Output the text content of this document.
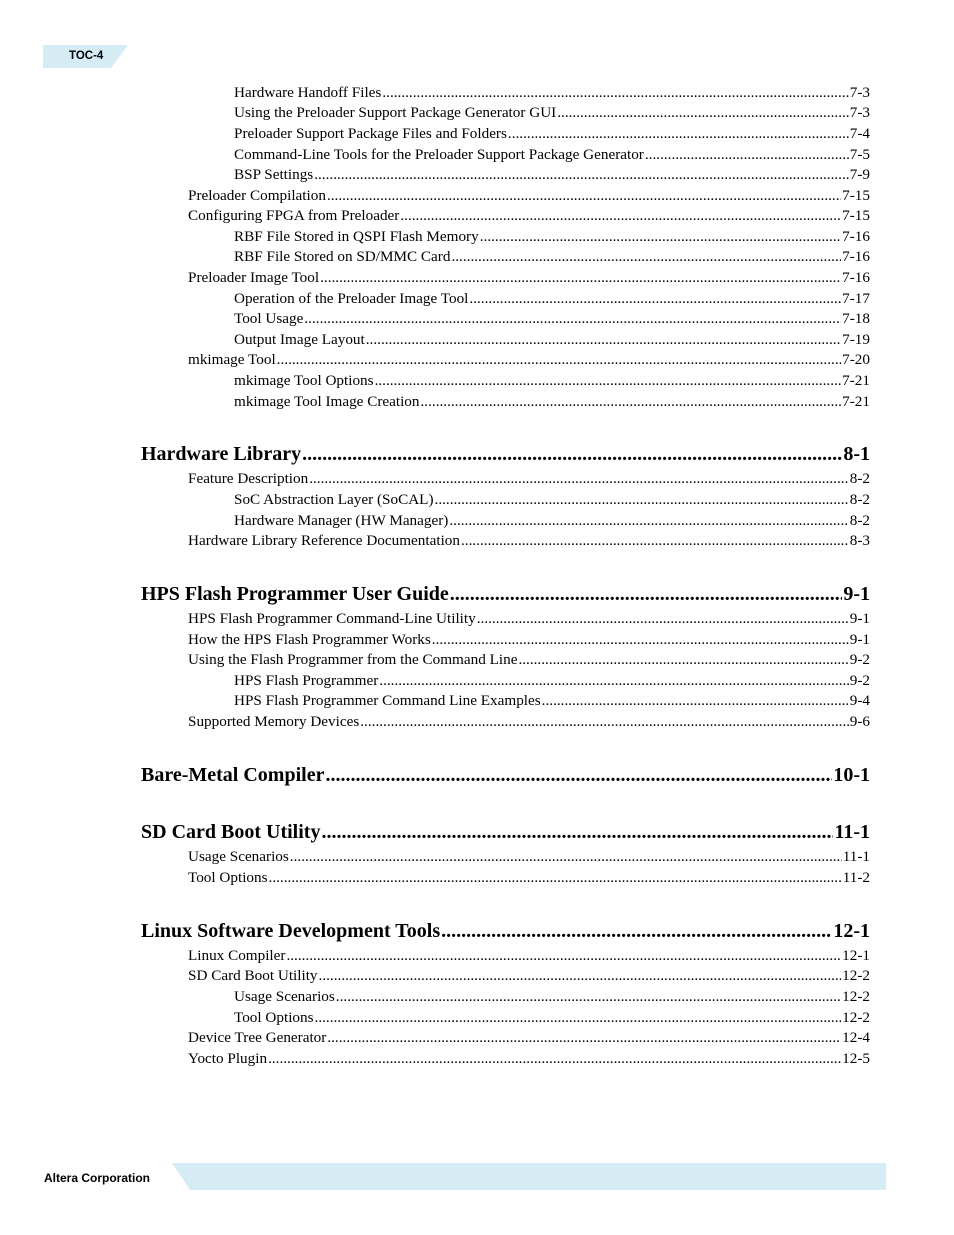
TOC-4
Hardware Handoff Files .....	7-3
Using the Preloader Support Package Generator GUI .....	7-3
Preloader Support Package Files and Folders .....	7-4
Command-Line Tools for the Preloader Support Package Generator .....	7-5
BSP Settings .....	7-9
Preloader Compilation .....	7-15
Configuring FPGA from Preloader .....	7-15
RBF File Stored in QSPI Flash Memory .....	7-16
RBF File Stored on SD/MMC Card .....	7-16
Preloader Image Tool .....	7-16
Operation of the Preloader Image Tool .....	7-17
Tool Usage .....	7-18
Output Image Layout .....	7-19
mkimage Tool .....	7-20
mkimage Tool Options .....	7-21
mkimage Tool Image Creation .....	7-21
Hardware Library .....	8-1
Feature Description .....	8-2
SoC Abstraction Layer (SoCAL) .....	8-2
Hardware Manager (HW Manager) .....	8-2
Hardware Library Reference Documentation .....	8-3
HPS Flash Programmer User Guide .....	9-1
HPS Flash Programmer Command-Line Utility .....	9-1
How the HPS Flash Programmer Works .....	9-1
Using the Flash Programmer from the Command Line .....	9-2
HPS Flash Programmer .....	9-2
HPS Flash Programmer Command Line Examples .....	9-4
Supported Memory Devices .....	9-6
Bare-Metal Compiler .....	10-1
SD Card Boot Utility .....	11-1
Usage Scenarios .....	11-1
Tool Options .....	11-2
Linux Software Development Tools .....	12-1
Linux Compiler .....	12-1
SD Card Boot Utility .....	12-2
Usage Scenarios .....	12-2
Tool Options .....	12-2
Device Tree Generator .....	12-4
Yocto Plugin .....	12-5
Altera Corporation
